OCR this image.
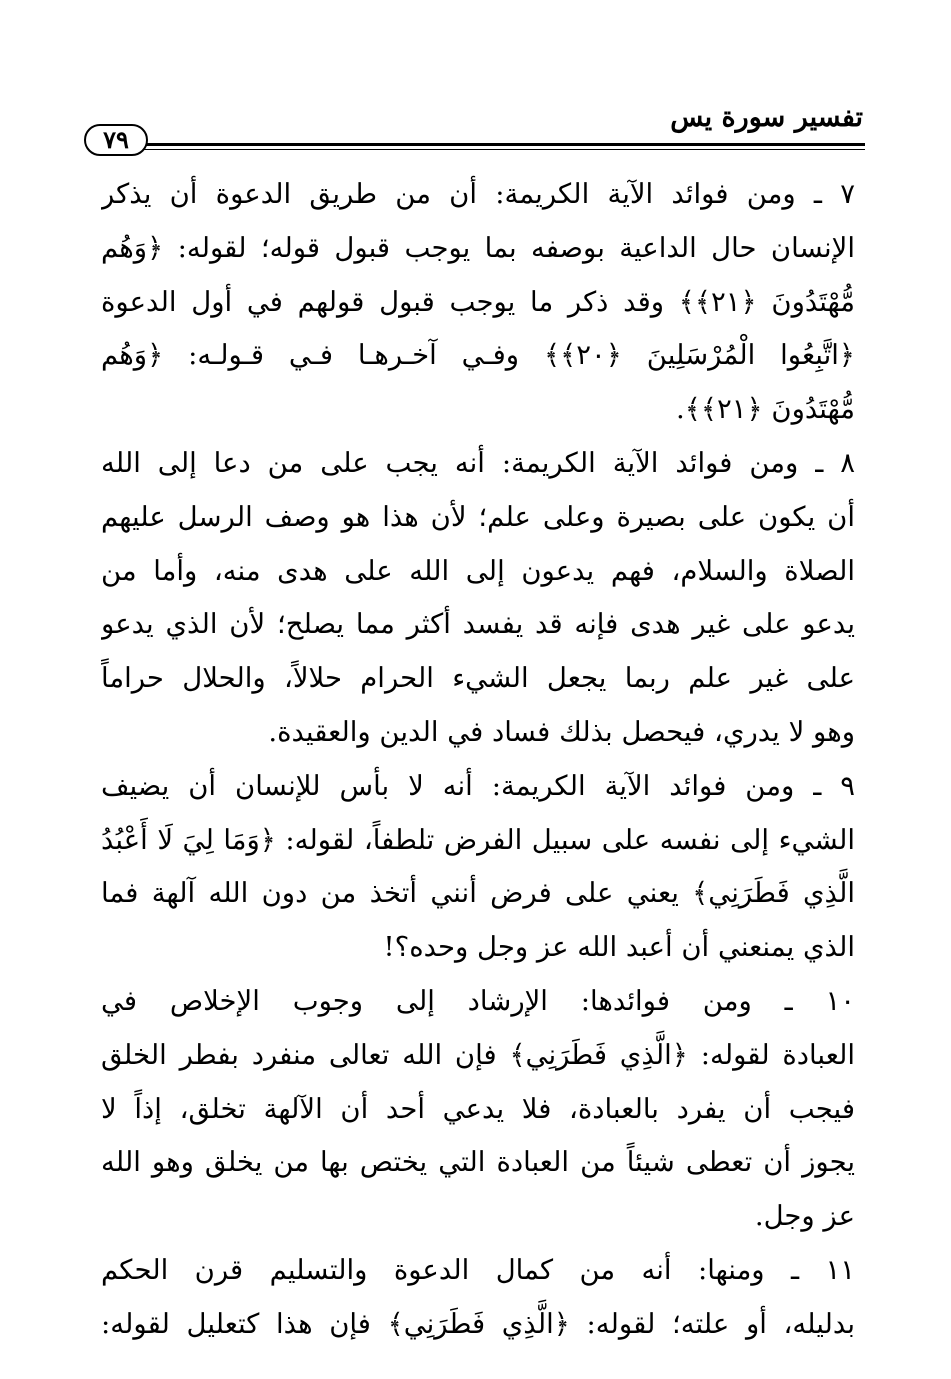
تفسير سورة يس
٧٩

٧ ـ ومن فوائد الآية الكريمة: أن من طريق الدعوة أن يذكر
الإنسان حال الداعية بوصفه بما يوجب قبول قوله؛ لقوله: ﴿وَهُم
مُّهْتَدُونَ ﴿٢١﴾﴾ وقد ذكر ما يوجب قبول قولهم في أول الدعوة
﴿اتَّبِعُوا الْمُرْسَلِينَ ﴿٢٠﴾﴾ وفـي آخـرهـا فـي قـولـه: ﴿وَهُم
مُّهْتَدُونَ ﴿٢١﴾﴾.

٨ ـ ومن فوائد الآية الكريمة: أنه يجب على من دعا إلى الله
أن يكون على بصيرة وعلى علم؛ لأن هذا هو وصف الرسل عليهم
الصلاة والسلام، فهم يدعون إلى الله على هدى منه، وأما من
يدعو على غير هدى فإنه قد يفسد أكثر مما يصلح؛ لأن الذي يدعو
على غير علم ربما يجعل الشيء الحرام حلالاً، والحلال حراماً
وهو لا يدري، فيحصل بذلك فساد في الدين والعقيدة.

٩ ـ ومن فوائد الآية الكريمة: أنه لا بأس للإنسان أن يضيف
الشيء إلى نفسه على سبيل الفرض تلطفاً، لقوله: ﴿وَمَا لِيَ لَا أَعْبُدُ
الَّذِي فَطَرَنِي﴾ يعني على فرض أنني أتخذ من دون الله آلهة فما
الذي يمنعني أن أعبد الله عز وجل وحده؟!

١٠ ـ ومن فوائدها: الإرشاد إلى وجوب الإخلاص في
العبادة لقوله: ﴿الَّذِي فَطَرَنِي﴾ فإن الله تعالى منفرد بفطر الخلق
فيجب أن يفرد بالعبادة، فلا يدعي أحد أن الآلهة تخلق، إذاً لا
يجوز أن تعطى شيئاً من العبادة التي يختص بها من يخلق وهو الله
عز وجل.

١١ ـ ومنها: أنه من كمال الدعوة والتسليم قرن الحكم
بدليله، أو علته؛ لقوله: ﴿الَّذِي فَطَرَنِي﴾ فإن هذا كتعليل لقوله:
